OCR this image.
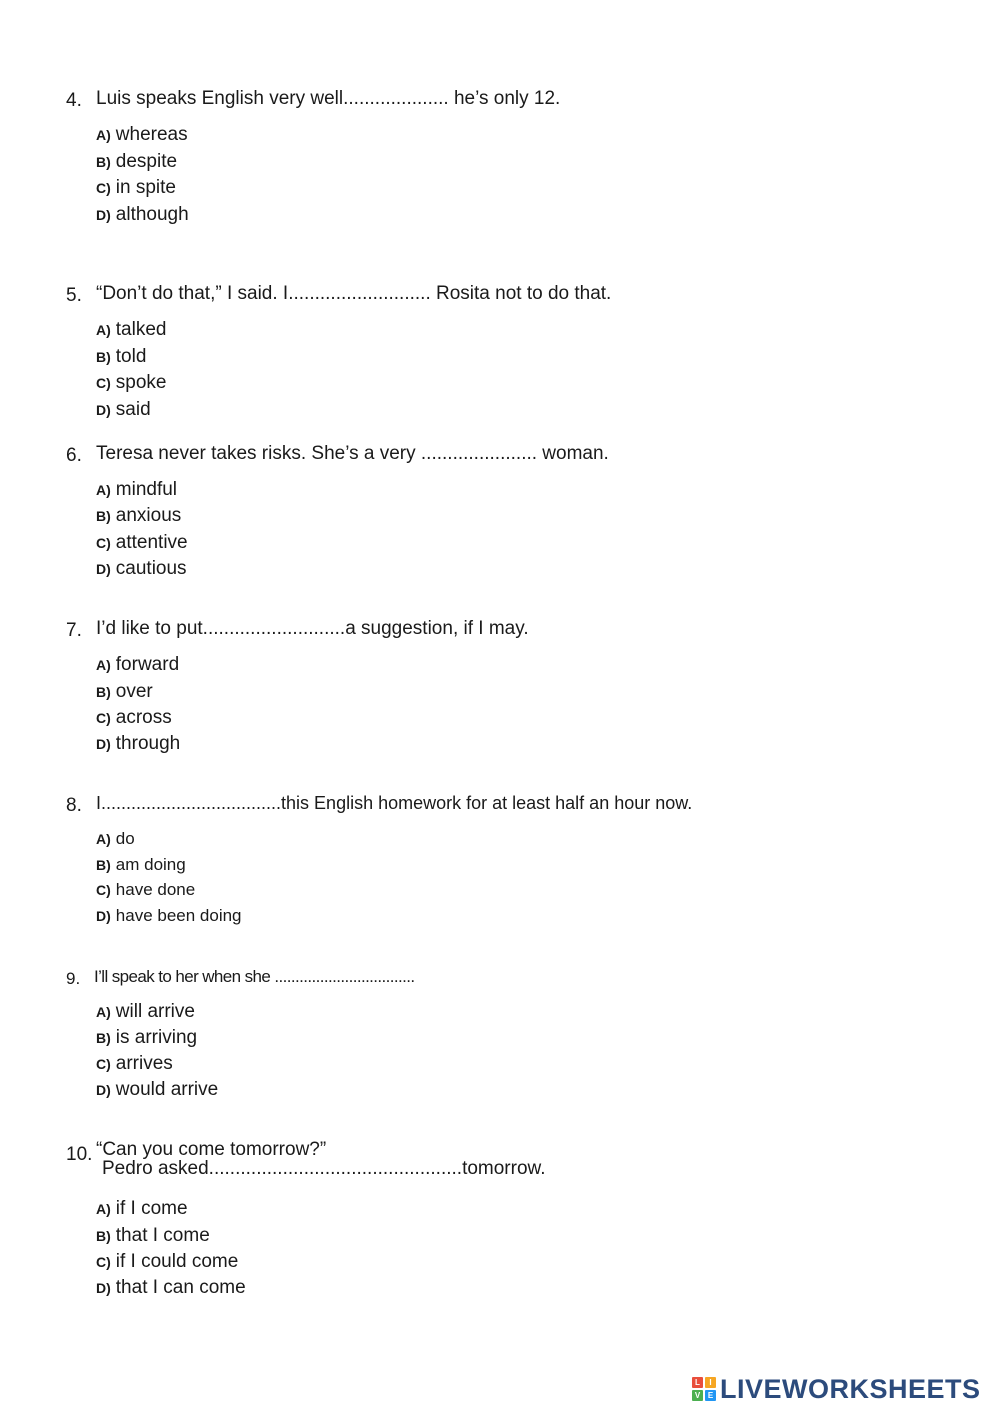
4. Luis speaks English very well.................... he’s only 12.
A) whereas
B) despite
C) in spite
D) although
5. “Don’t do that,” I said. I........................... Rosita not to do that.
A) talked
B) told
C) spoke
D) said
6. Teresa never takes risks. She’s a very ...................... woman.
A) mindful
B) anxious
C) attentive
D) cautious
7. I’d like to put...........................a suggestion, if I may.
A) forward
B) over
C) across
D) through
8. I....................................this English homework for at least half an hour now.
A) do
B) am doing
C) have done
D) have been doing
9. I’ll speak to her when she ..................................
A) will arrive
B) is arriving
C) arrives
D) would arrive
10. “Can you come tomorrow?”
Pedro asked................................................tomorrow.
A) if I come
B) that I come
C) if I could come
D) that I can come
L	I
V E LIVEWORKSHEETS
